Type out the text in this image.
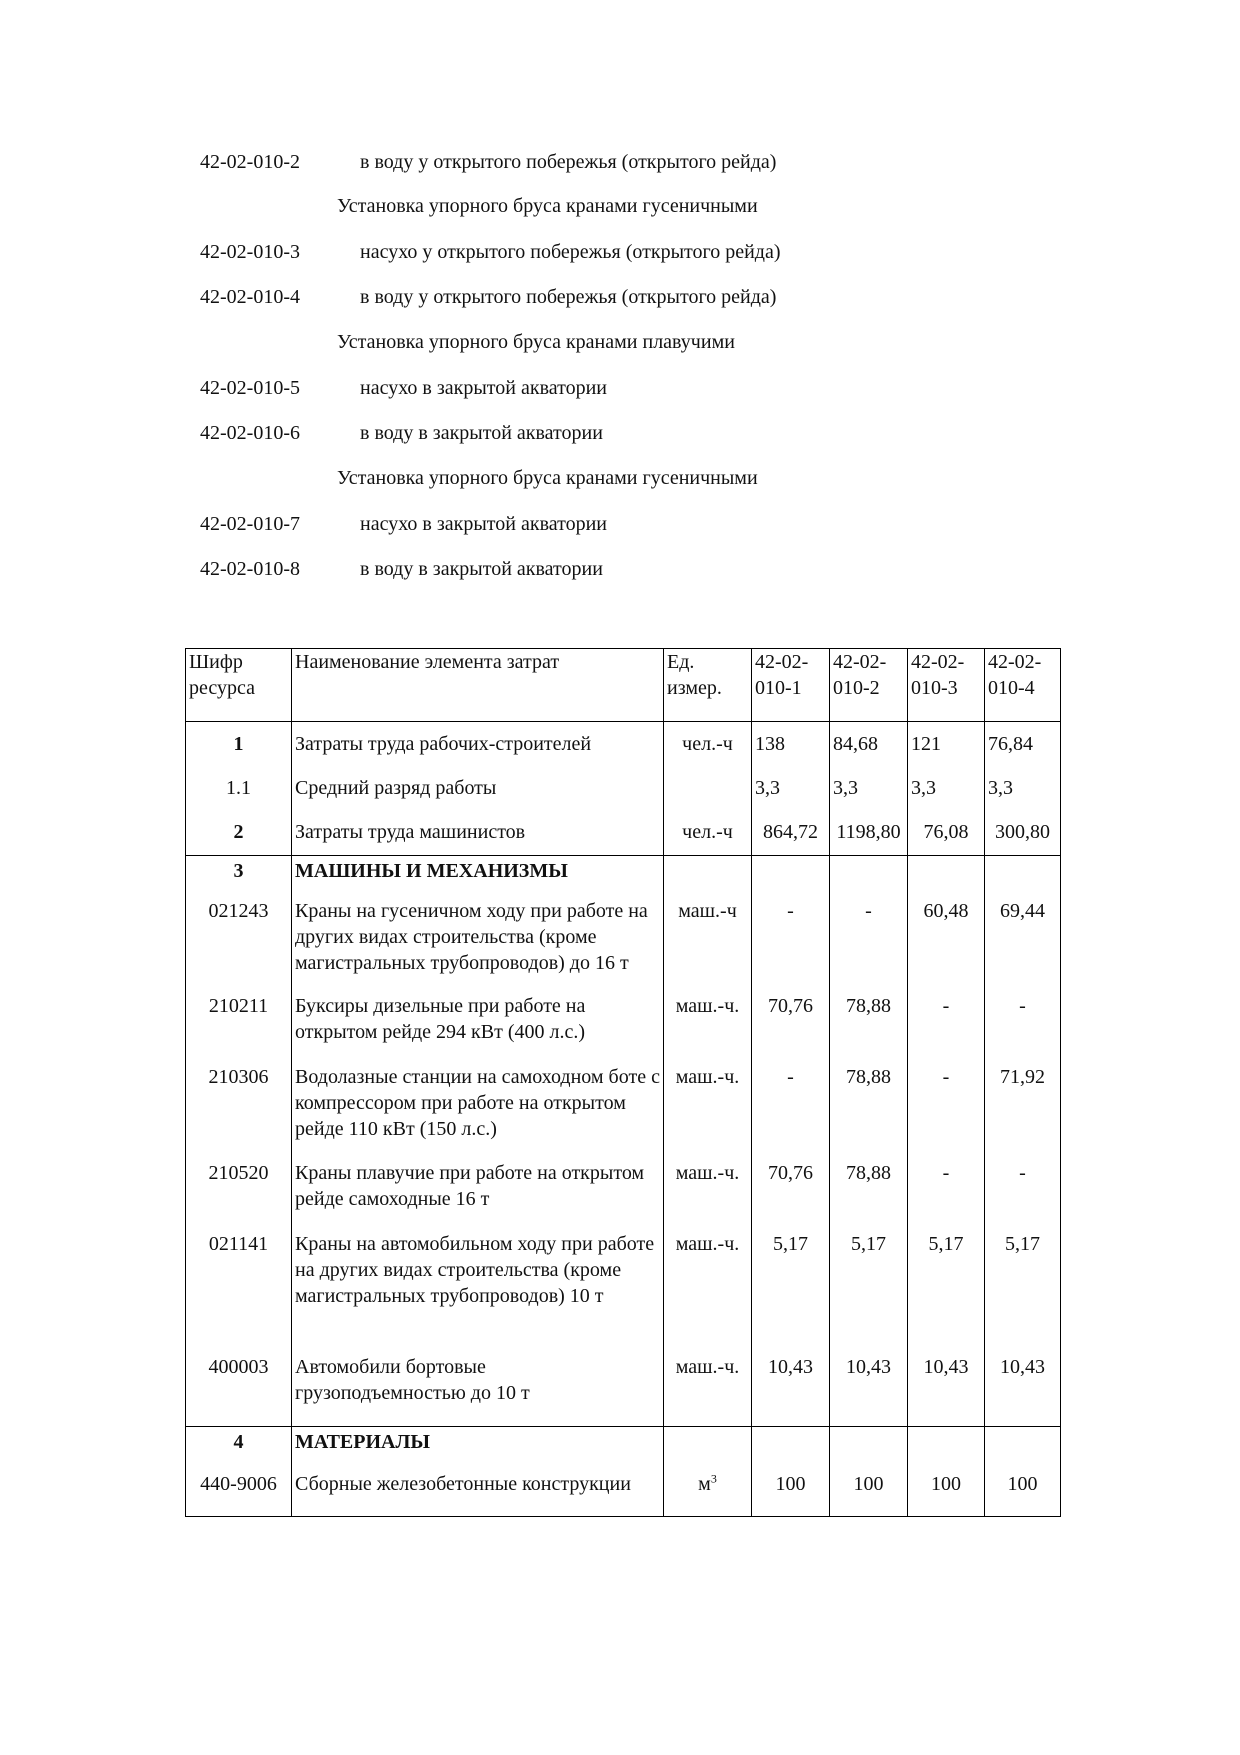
42-02-010-2	в воду у открытого побережья (открытого рейда)
Установка упорного бруса кранами гусеничными
42-02-010-3	насухо у открытого побережья (открытого рейда)
42-02-010-4	в воду у открытого побережья (открытого рейда)
Установка упорного бруса кранами плавучими
42-02-010-5	насухо в закрытой акватории
42-02-010-6	в воду в закрытой акватории
Установка упорного бруса кранами гусеничными
42-02-010-7	насухо в закрытой акватории
42-02-010-8	в воду в закрытой акватории
Шифр ресурса	Наименование элемента затрат	Ед. измер.	42-02-010-1	42-02-010-2	42-02-010-3	42-02-010-4
1	Затраты труда рабочих-строителей	чел.-ч	138	84,68	121	76,84
1.1	Средний разряд работы		3,3	3,3	3,3	3,3
2	Затраты труда машинистов	чел.-ч	864,72	1198,80	76,08	300,80
3	МАШИНЫ И МЕХАНИЗМЫ					
021243	Краны на гусеничном ходу при работе на других видах строительства (кроме магистральных трубопроводов) до 16 т	маш.-ч	-	-	60,48	69,44
210211	Буксиры дизельные при работе на открытом рейде 294 кВт (400 л.с.)	маш.-ч.	70,76	78,88	-	-
210306	Водолазные станции на самоходном боте с компрессором при работе на открытом рейде 110 кВт (150 л.с.)	маш.-ч.	-	78,88	-	71,92
210520	Краны плавучие при работе на открытом рейде самоходные 16 т	маш.-ч.	70,76	78,88	-	-
021141	Краны на автомобильном ходу при работе на других видах строительства (кроме магистральных трубопроводов) 10 т	маш.-ч.	5,17	5,17	5,17	5,17
400003	Автомобили бортовые грузоподъемностью до 10 т	маш.-ч.	10,43	10,43	10,43	10,43
4	МАТЕРИАЛЫ					
440-9006	Сборные железобетонные конструкции	$м^3$	100	100	100	100
